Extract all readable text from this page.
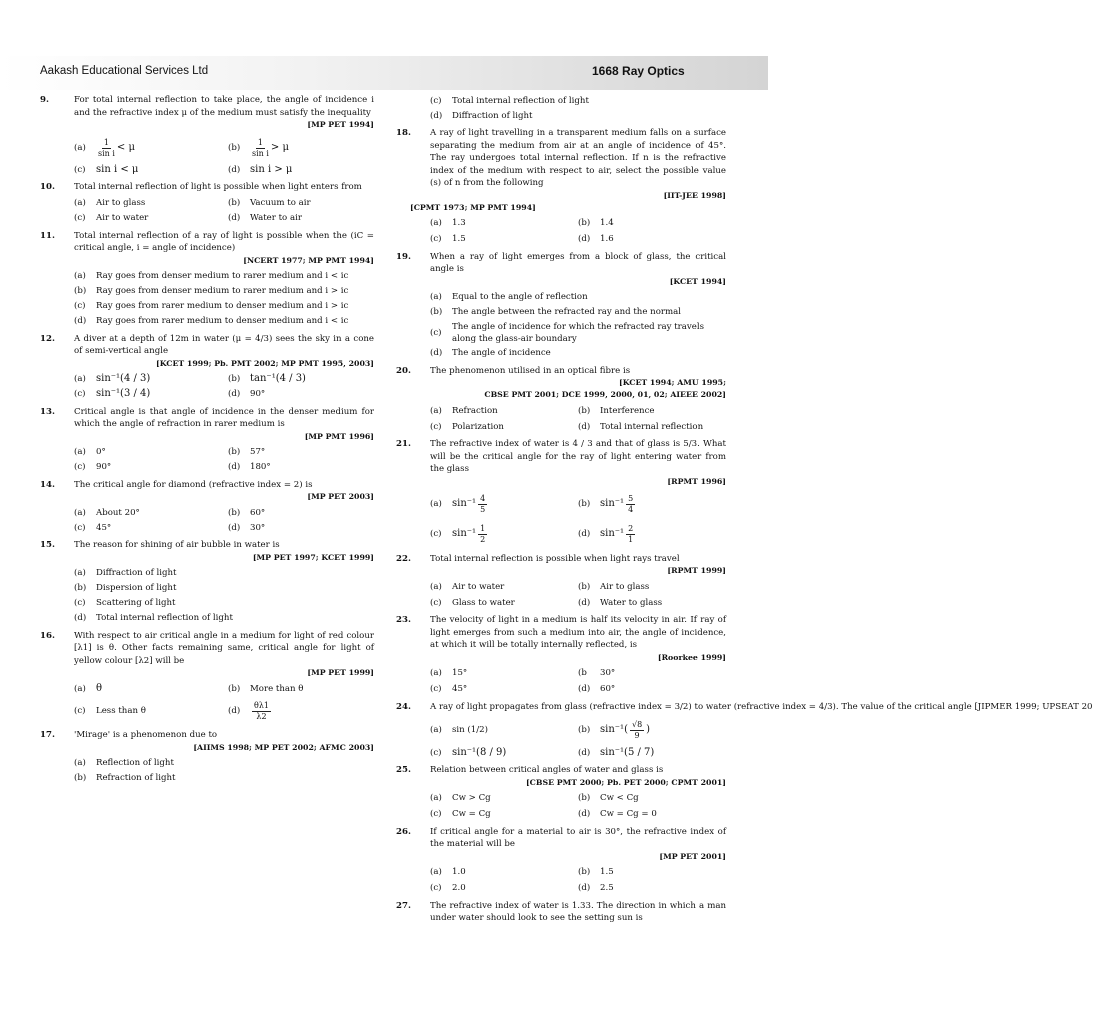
Aakash Educational Services Ltd	1668 Ray Optics
9.	For total internal reflection to take place, the angle of incidence i and the refractive index μ of the medium must satisfy the inequality
[MP PET 1994]
(a)	$\frac{1}{\text{sin i}} < \mu$	(b)	$\frac{1}{\text{sin i}} > \mu$
(c)	sin i < μ	(d) sin i > μ
10. Total internal reflection of light is possible when light enters from
(a)	Air to glass	(b)	Vacuum to air
(c)	Air to water	(d)	Water to air
11. Total internal reflection of a ray of light is possible when the (iC = critical angle, i = angle of incidence)
[NCERT 1977; MP PMT 1994]
(a)	Ray goes from denser medium to rarer medium and i < ic
(b)	Ray goes from denser medium to rarer medium and i > ic
(c)	Ray goes from rarer medium to denser medium and i > ic
(d)	Ray goes from rarer medium to denser medium and i < ic
12. A diver at a depth of 12m in water (μ = 4/3) sees the sky in a cone of semi-vertical angle
[KCET 1999; Pb. PMT 2002; MP PMT 1995, 2003]
(a)	sin⁻¹(4 / 3)	(b) tan⁻¹(4 / 3)
(c)	sin⁻¹(3 / 4)	(d)	90°
13. Critical angle is that angle of incidence in the denser medium for which the angle of refraction in rarer medium is
[MP PMT 1996]
(a)	0°	(b)	57°
(c)	90°	(d)	180°
14. The critical angle for diamond (refractive index = 2) is
[MP PET 2003]
(a)	About 20°	(b)	60°
(c)	45°	(d)	30°
15. The reason for shining of air bubble in water is
[MP PET 1997; KCET 1999]
(a)	Diffraction of light
(b)	Dispersion of light
(c)	Scattering of light
(d)	Total internal reflection of light
16. With respect to air critical angle in a medium for light of red colour [λ1] is θ. Other facts remaining same, critical angle for light of yellow colour [λ2] will be
[MP PET 1999]
(a)	θ	(b)	More than θ
(c)	Less than θ	(d)	$\frac{\theta\lambda 1}{\lambda 2}$
17. 'Mirage' is a phenomenon due to
[AIIMS 1998; MP PET 2002; AFMC 2003]
(a)	Reflection of light
(b)	Refraction of light
(c)	Total internal reflection of light
(d)	Diffraction of light
18. A ray of light travelling in a transparent medium falls on a surface separating the medium from air at an angle of incidence of 45°. The ray undergoes total internal reflection. If n is the refractive index of the medium with respect to air, select the possible value (s) of n from the following
[IIT-JEE 1998]
[CPMT 1973; MP PMT 1994]
(a)	1.3	(b)	1.4
(c)	1.5	(d)	1.6
19. When a ray of light emerges from a block of glass, the critical angle is
[KCET 1994]
(a)	Equal to the angle of reflection
(b)	The angle between the refracted ray and the normal
(c)
The angle of incidence for which the refracted ray travels along the glass-air boundary
(d)	The angle of incidence
20. The phenomenon utilised in an optical fibre is
[KCET 1994; AMU 1995;
CBSE PMT 2001; DCE 1999, 2000, 01, 02; AIEEE 2002]
(a)	Refraction	(b)	Interference
(c)	Polarization	(d)	Total internal reflection
21. The refractive index of water is 4 / 3 and that of glass is 5/3. What will be the critical angle for the ray of light entering water from the glass
[RPMT 1996]
(a)	$\sin^{-1} \frac{4}{5}$	(b) $\sin^{-1} \frac{5}{4}$
(c)	$\sin^{-1} \frac{1}{2}$	(d) $\sin^{-1} \frac{2}{1}$
22. Total internal reflection is possible when light rays travel
[RPMT 1999]
(a)	Air to water	(b)	Air to glass
(c)	Glass to water	(d)	Water to glass
23. The velocity of light in a medium is half its velocity in air. If ray of light emerges from such a medium into air, the angle of incidence, at which it will be totally internally reflected, is
[Roorkee 1999]
(a)	15°	(b	30°
(c)	45°	(d)	60°
24. A ray of light propagates from glass (refractive index = 3/2) to water (refractive index = 4/3). The value of the critical angle [JIPMER 1999; UPSEAT 20
(a)	sin (1/2)	(b) sin⁻¹ ( $\frac{√8}{9}$ )
(c)	sin⁻¹(8 / 9)	(d) sin⁻¹(5 / 7)
25. Relation between critical angles of water and glass is
[CBSE PMT 2000; Pb. PET 2000; CPMT 2001]
(a)	Cw > Cg	(b)	Cw < Cg
(c)	Cw = Cg	(d)	Cw = Cg = 0
26. If critical angle for a material to air is 30°, the refractive index of the material will be
[MP PET 2001]
(a)	1.0	(b)	1.5
(c)	2.0	(d)	2.5
27. The refractive index of water is 1.33. The direction in which a man under water should look to see the setting sun is
